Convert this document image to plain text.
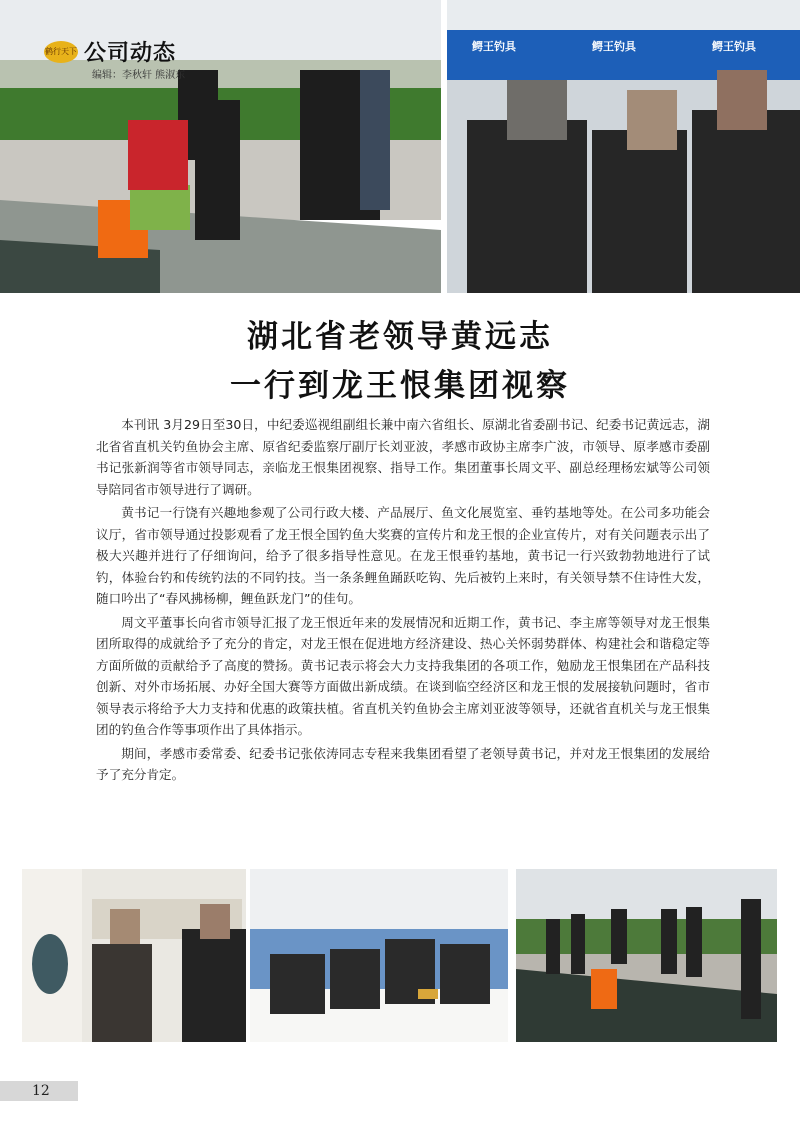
鹤行天下 公司动态
编辑：李秋轩 熊淑东
鳄王钓具	鳄王钓具	鳄王钓具
湖北省老领导黄远志
一行到龙王恨集团视察

本刊讯 3月29日至30日，中纪委巡视组副组长兼中南六省组长、原湖北省委副书记、纪委书记黄远志，湖北省省直机关钓鱼协会主席、原省纪委监察厅副厅长刘亚波，孝感市政协主席李广波，市领导、原孝感市委副书记张新润等省市领导同志，亲临龙王恨集团视察、指导工作。集团董事长周文平、副总经理杨宏斌等公司领导陪同省市领导进行了调研。

黄书记一行饶有兴趣地参观了公司行政大楼、产品展厅、鱼文化展览室、垂钓基地等处。在公司多功能会议厅，省市领导通过投影观看了龙王恨全国钓鱼大奖赛的宣传片和龙王恨的企业宣传片，对有关问题表示出了极大兴趣并进行了仔细询问，给予了很多指导性意见。在龙王恨垂钓基地，黄书记一行兴致勃勃地进行了试钓，体验台钓和传统钓法的不同钓技。当一条条鲤鱼踊跃吃钩、先后被钓上来时，有关领导禁不住诗性大发，随口吟出了“春风拂杨柳，鲤鱼跃龙门”的佳句。

周文平董事长向省市领导汇报了龙王恨近年来的发展情况和近期工作，黄书记、李主席等领导对龙王恨集团所取得的成就给予了充分的肯定，对龙王恨在促进地方经济建设、热心关怀弱势群体、构建社会和谐稳定等方面所做的贡献给予了高度的赞扬。黄书记表示将会大力支持我集团的各项工作，勉励龙王恨集团在产品科技创新、对外市场拓展、办好全国大赛等方面做出新成绩。在谈到临空经济区和龙王恨的发展接轨问题时，省市领导表示将给予大力支持和优惠的政策扶植。省直机关钓鱼协会主席刘亚波等领导，还就省直机关与龙王恨集团的钓鱼合作等事项作出了具体指示。

期间，孝感市委常委、纪委书记张依涛同志专程来我集团看望了老领导黄书记，并对龙王恨集团的发展给予了充分肯定。

12
